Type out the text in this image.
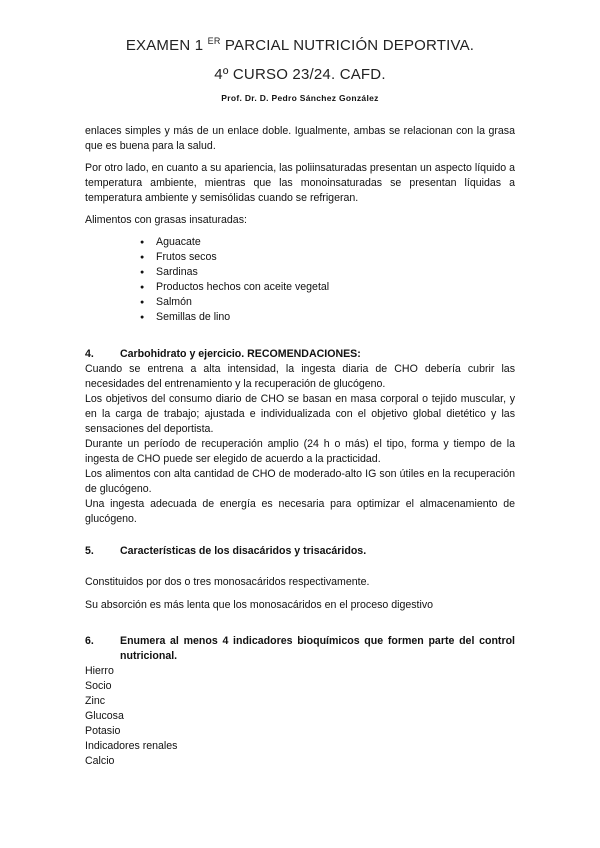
EXAMEN 1 $^{ER}$ PARCIAL NUTRICIÓN DEPORTIVA.
4º CURSO 23/24. CAFD.
Prof. Dr. D. Pedro Sánchez González

enlaces simples y más de un enlace doble. Igualmente, ambas se relacionan con la grasa que es buena para la salud.

Por otro lado, en cuanto a su apariencia, las poliinsaturadas presentan un aspecto líquido a temperatura ambiente, mientras que las monoinsaturadas se presentan líquidas a temperatura ambiente y semisólidas cuando se refrigeran.

Alimentos con grasas insaturadas:

● Aguacate
● Frutos secos
● Sardinas
● Productos hechos con aceite vegetal
● Salmón
● Semillas de lino
4. Carbohidrato y ejercicio. RECOMENDACIONES:

Cuando se entrena a alta intensidad, la ingesta diaria de CHO debería cubrir las necesidades del entrenamiento y la recuperación de glucógeno.

Los objetivos del consumo diario de CHO se basan en masa corporal o tejido muscular, y en la carga de trabajo; ajustada e individualizada con el objetivo global dietético y las sensaciones del deportista.

Durante un período de recuperación amplio (24 h o más) el tipo, forma y tiempo de la ingesta de CHO puede ser elegido de acuerdo a la practicidad.

Los alimentos con alta cantidad de CHO de moderado-alto IG son útiles en la recuperación de glucógeno.

Una ingesta adecuada de energía es necesaria para optimizar el almacenamiento de glucógeno.

5. Características de los disacáridos y trisacáridos.

Constituidos por dos o tres monosacáridos respectivamente.

Su absorción es más lenta que los monosacáridos en el proceso digestivo

6. Enumera al menos 4 indicadores bioquímicos que formen parte del control nutricional.
Hierro
Socio
Zinc
Glucosa
Potasio
Indicadores renales
Calcio
